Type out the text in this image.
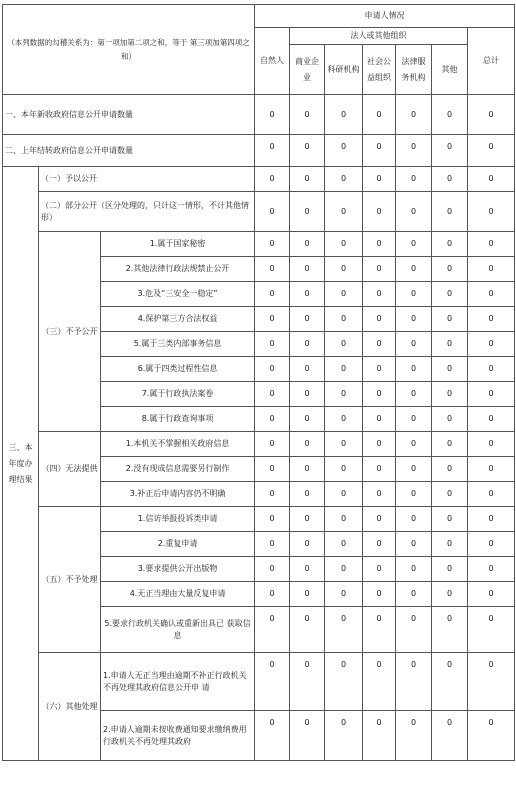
（本列数据的勾稽关系为：第一项加第二项之和，等于 第三项加第四项之和）			申请人情况						
			自然人	法人或其他组织					总计
				商业企业	科研机构	社会公益组织	法律服务机构	其他	
一、本年新收政府信息公开申请数量			0	0	0	0	0	0	0
二、上年结转政府信息公开申请数量			0	0	0	0	0	0	0
三、本年度办理结果	（一）予以公开		0	0	0	0	0	0	0
	（二）部分公开（区分处理的，只计这一情形，不计其他情形）		0	0	0	0	0	0	0
	（三）不予公开	1.属于国家秘密	0	0	0	0	0	0	0
		2.其他法律行政法规禁止公开	0	0	0	0	0	0	0
		3.危及“三安全一稳定”	0	0	0	0	0	0	0
		4.保护第三方合法权益	0	0	0	0	0	0	0
		5.属于三类内部事务信息	0	0	0	0	0	0	0
		6.属于四类过程性信息	0	0	0	0	0	0	0
		7.属于行政执法案卷	0	0	0	0	0	0	0
		8.属于行政查询事项	0	0	0	0	0	0	0
	（四）无法提供	1.本机关不掌握相关政府信息	0	0	0	0	0	0	0
		2.没有现成信息需要另行制作	0	0	0	0	0	0	0
		3.补正后申请内容仍不明确	0	0	0	0	0	0	0
	（五）不予处理	1.信访举报投诉类申请	0	0	0	0	0	0	0
		2.重复申请	0	0	0	0	0	0	0
		3.要求提供公开出版物	0	0	0	0	0	0	0
		4.无正当理由大量反复申请	0	0	0	0	0	0	0
		5.要求行政机关确认或重新出具已 获取信息	0	0	0	0	0	0	0
	（六）其他处理	1.申请人无正当理由逾期不补正行政机关不再处理其政府信息公开申 请	0	0	0	0	0	0	0
		2.申请人逾期未按收费通知要求缴纳费用行政机关不再处理其政府	0	0	0	0	0	0	0
